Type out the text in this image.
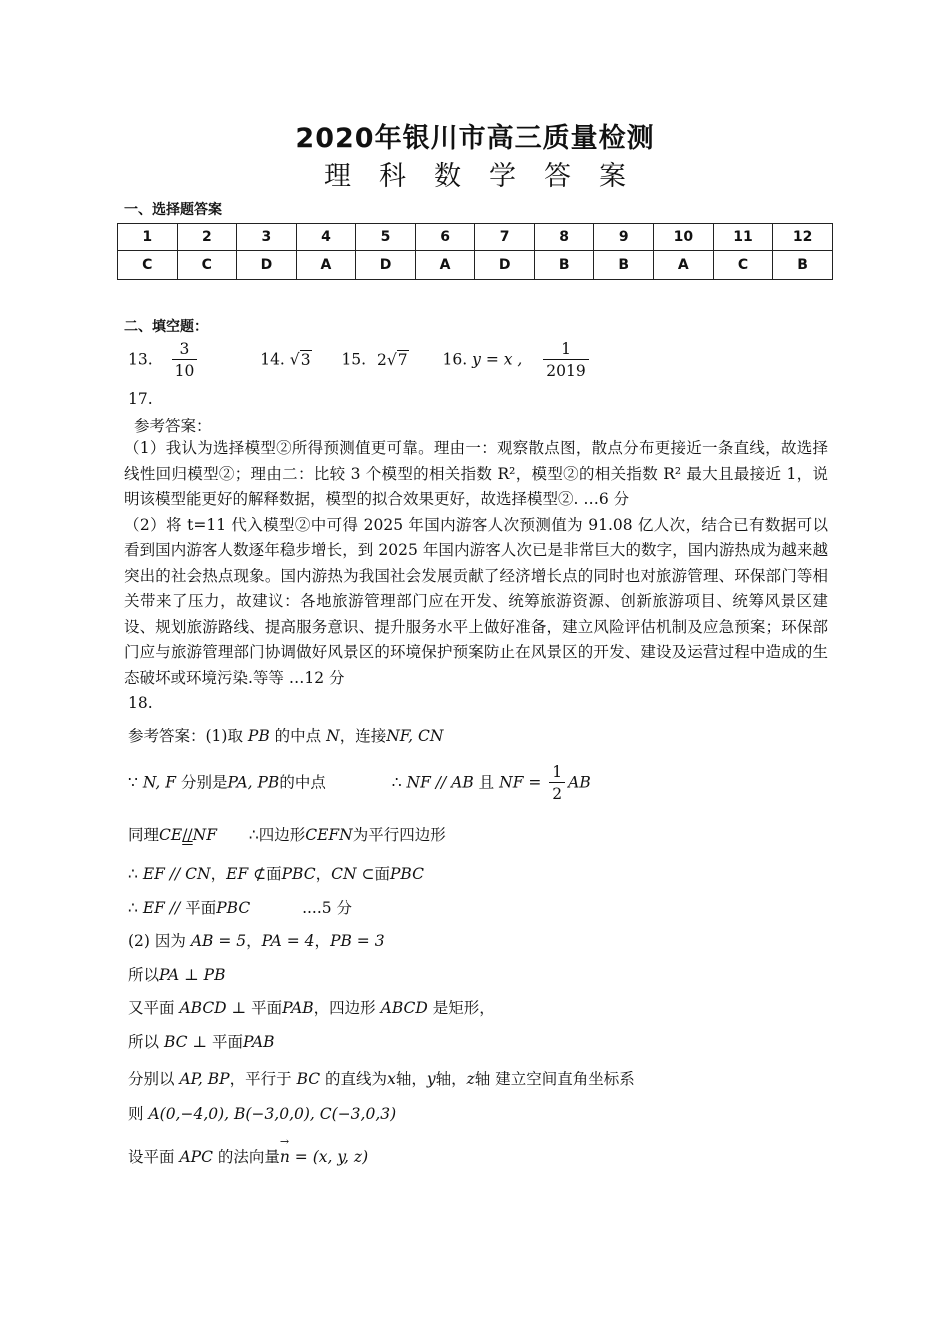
2020年银川市高三质量检测
理科数学答案
一、选择题答案
1	2	3	4	5	6	7	8	9	10	11	12
C	C	D	A	D	A	D	B	B	A	C	B
二、填空题：
13. $\frac{3}{10}$	14. √3 15. 2√7 16. y = x , $\frac{1}{2019}$
17.
参考答案：

（1）我认为选择模型②所得预测值更可靠。理由一：观察散点图，散点分布更接近一条直线，故选择线性回归模型②；理由二：比较 3 个模型的相关指数 R²，模型②的相关指数 R² 最大且最接近 1，说明该模型能更好的解释数据，模型的拟合效果更好，故选择模型②. …6 分

（2）将 t=11 代入模型②中可得 2025 年国内游客人次预测值为 91.08 亿人次，结合已有数据可以看到国内游客人数逐年稳步增长，到 2025 年国内游客人次已是非常巨大的数字，国内游热成为越来越突出的社会热点现象。国内游热为我国社会发展贡献了经济增长点的同时也对旅游管理、环保部门等相关带来了压力，故建议：各地旅游管理部门应在开发、统筹旅游资源、创新旅游项目、统筹风景区建设、规划旅游路线、提高服务意识、提升服务水平上做好准备，建立风险评估机制及应急预案；环保部门应与旅游管理部门协调做好风景区的环境保护预案防止在风景区的开发、建设及运营过程中造成的生态破坏或环境污染.等等 …12 分

18.
参考答案：(1)取 PB 的中点 N，连接NF, CN
∵ N, F 分别是PA, PB的中点	∴ NF // AB 且 NF = $\frac{1}{2}$ AB
同理CE//NF ∴四边形CEFN为平行四边形
∴ EF // CN，EF ⊄面PBC，CN ⊂面PBC
∴ EF // 平面PBC	....5 分
(2) 因为 AB = 5，PA = 4，PB = 3
所以PA ⊥ PB
又平面 ABCD ⊥ 平面PAB，四边形 ABCD 是矩形，
所以 BC ⊥ 平面PAB
分别以 AP, BP，平行于 BC 的直线为x轴，y轴，z轴 建立空间直角坐标系
则 A(0,−4,0), B(−3,0,0), C(−3,0,3)
设平面 APC 的法向量→ n = (x, y, z)
